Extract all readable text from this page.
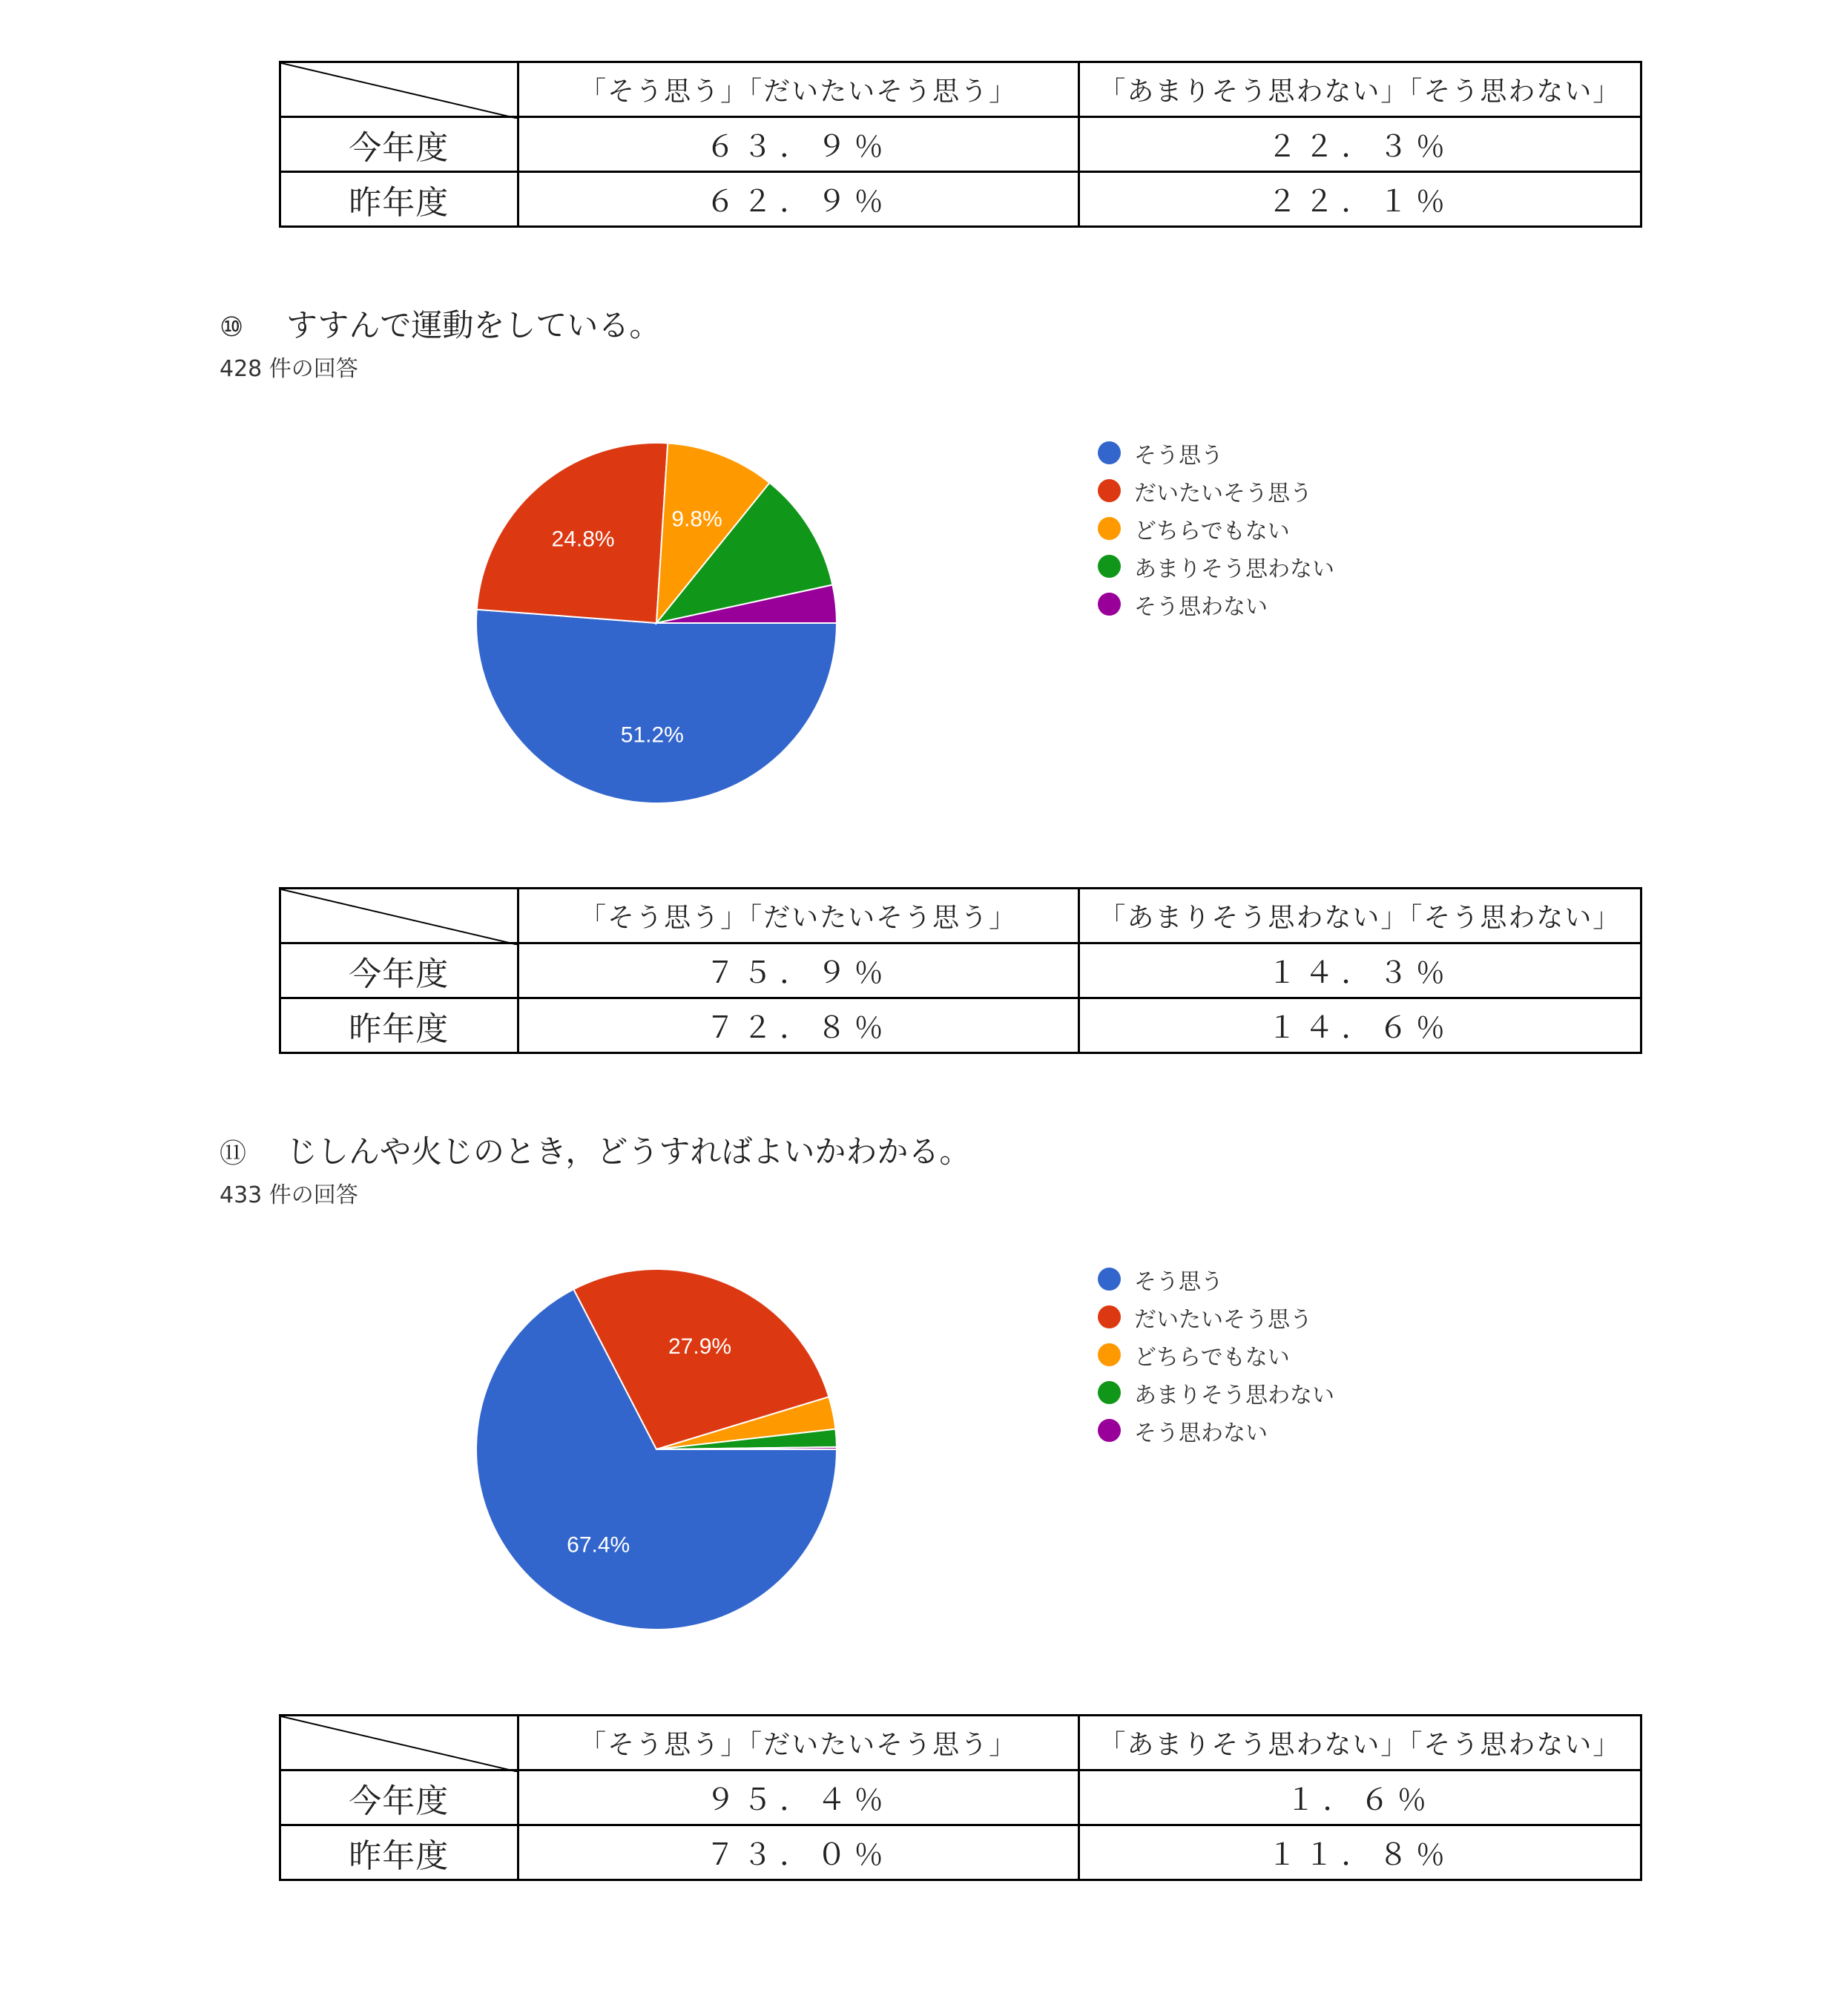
	「そう思う」「だいたいそう思う」	「あまりそう思わない」「そう思わない」
今年度	６３．９％	２２．３％
昨年度	６２．９％	２２．１％
⑩ すすんで運動をしている。
428 件の回答
51.2%
24.8%
9.8%
そう思う
だいたいそう思う
どちらでもない
あまりそう思わない
そう思わない
	「そう思う」「だいたいそう思う」	「あまりそう思わない」「そう思わない」
今年度	７５．９％	１４．３％
昨年度	７２．８％	１４．６％
⑪ じしんや火じのとき，どうすればよいかわかる。
433 件の回答
67.4%
27.9%
そう思う
だいたいそう思う
どちらでもない
あまりそう思わない
そう思わない
	「そう思う」「だいたいそう思う」	「あまりそう思わない」「そう思わない」
今年度	９５．４％	１．６％
昨年度	７３．０％	１１．８％
